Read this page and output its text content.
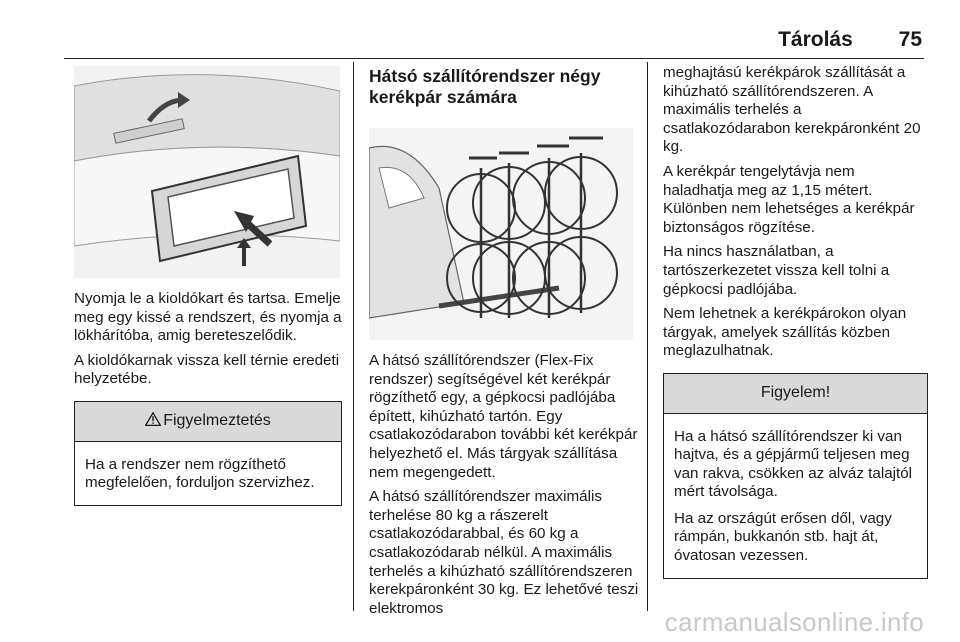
Tárolás 75

Nyomja le a kioldókart és tartsa. Emelje meg egy kissé a rendszert, és nyomja a lökhárítóba, amig bereteszelődik.

A kioldókarnak vissza kell térnie eredeti helyzetébe.

Figyelmeztetés

Ha a rendszer nem rögzíthető megfelelően, forduljon szervizhez.

Hátsó szállítórendszer négy kerékpár számára

A hátsó szállítórendszer (Flex-Fix rendszer) segítségével két kerékpár rögzíthető egy, a gépkocsi padlójába épített, kihúzható tartón. Egy csatlakozódarabon további két kerékpár helyezhető el. Más tárgyak szállítása nem megengedett.

A hátsó szállítórendszer maximális terhelése 80 kg a rászerelt csatlakozódarabbal, és 60 kg a csatlakozódarab nélkül. A maximális terhelés a kihúzható szállítórendszeren kerekpáronként 30 kg. Ez lehetővé teszi elektromos

meghajtású kerékpárok szállítását a kihúzható szállítórendszeren. A maximális terhelés a csatlakozódarabon kerekpáronként 20 kg.

A kerékpár tengelytávja nem haladhatja meg az 1,15 métert. Különben nem lehetséges a kerékpár biztonságos rögzítése.

Ha nincs használatban, a tartószerkezetet vissza kell tolni a gépkocsi padlójába.

Nem lehetnek a kerékpárokon olyan tárgyak, amelyek szállítás közben meglazulhatnak.

Figyelem!

Ha a hátsó szállítórendszer ki van hajtva, és a gépjármű teljesen meg van rakva, csökken az alváz talajtól mért távolsága.

Ha az országút erősen dől, vagy rámpán, bukkanón stb. hajt át, óvatosan vezessen.

carmanualsonline.info
